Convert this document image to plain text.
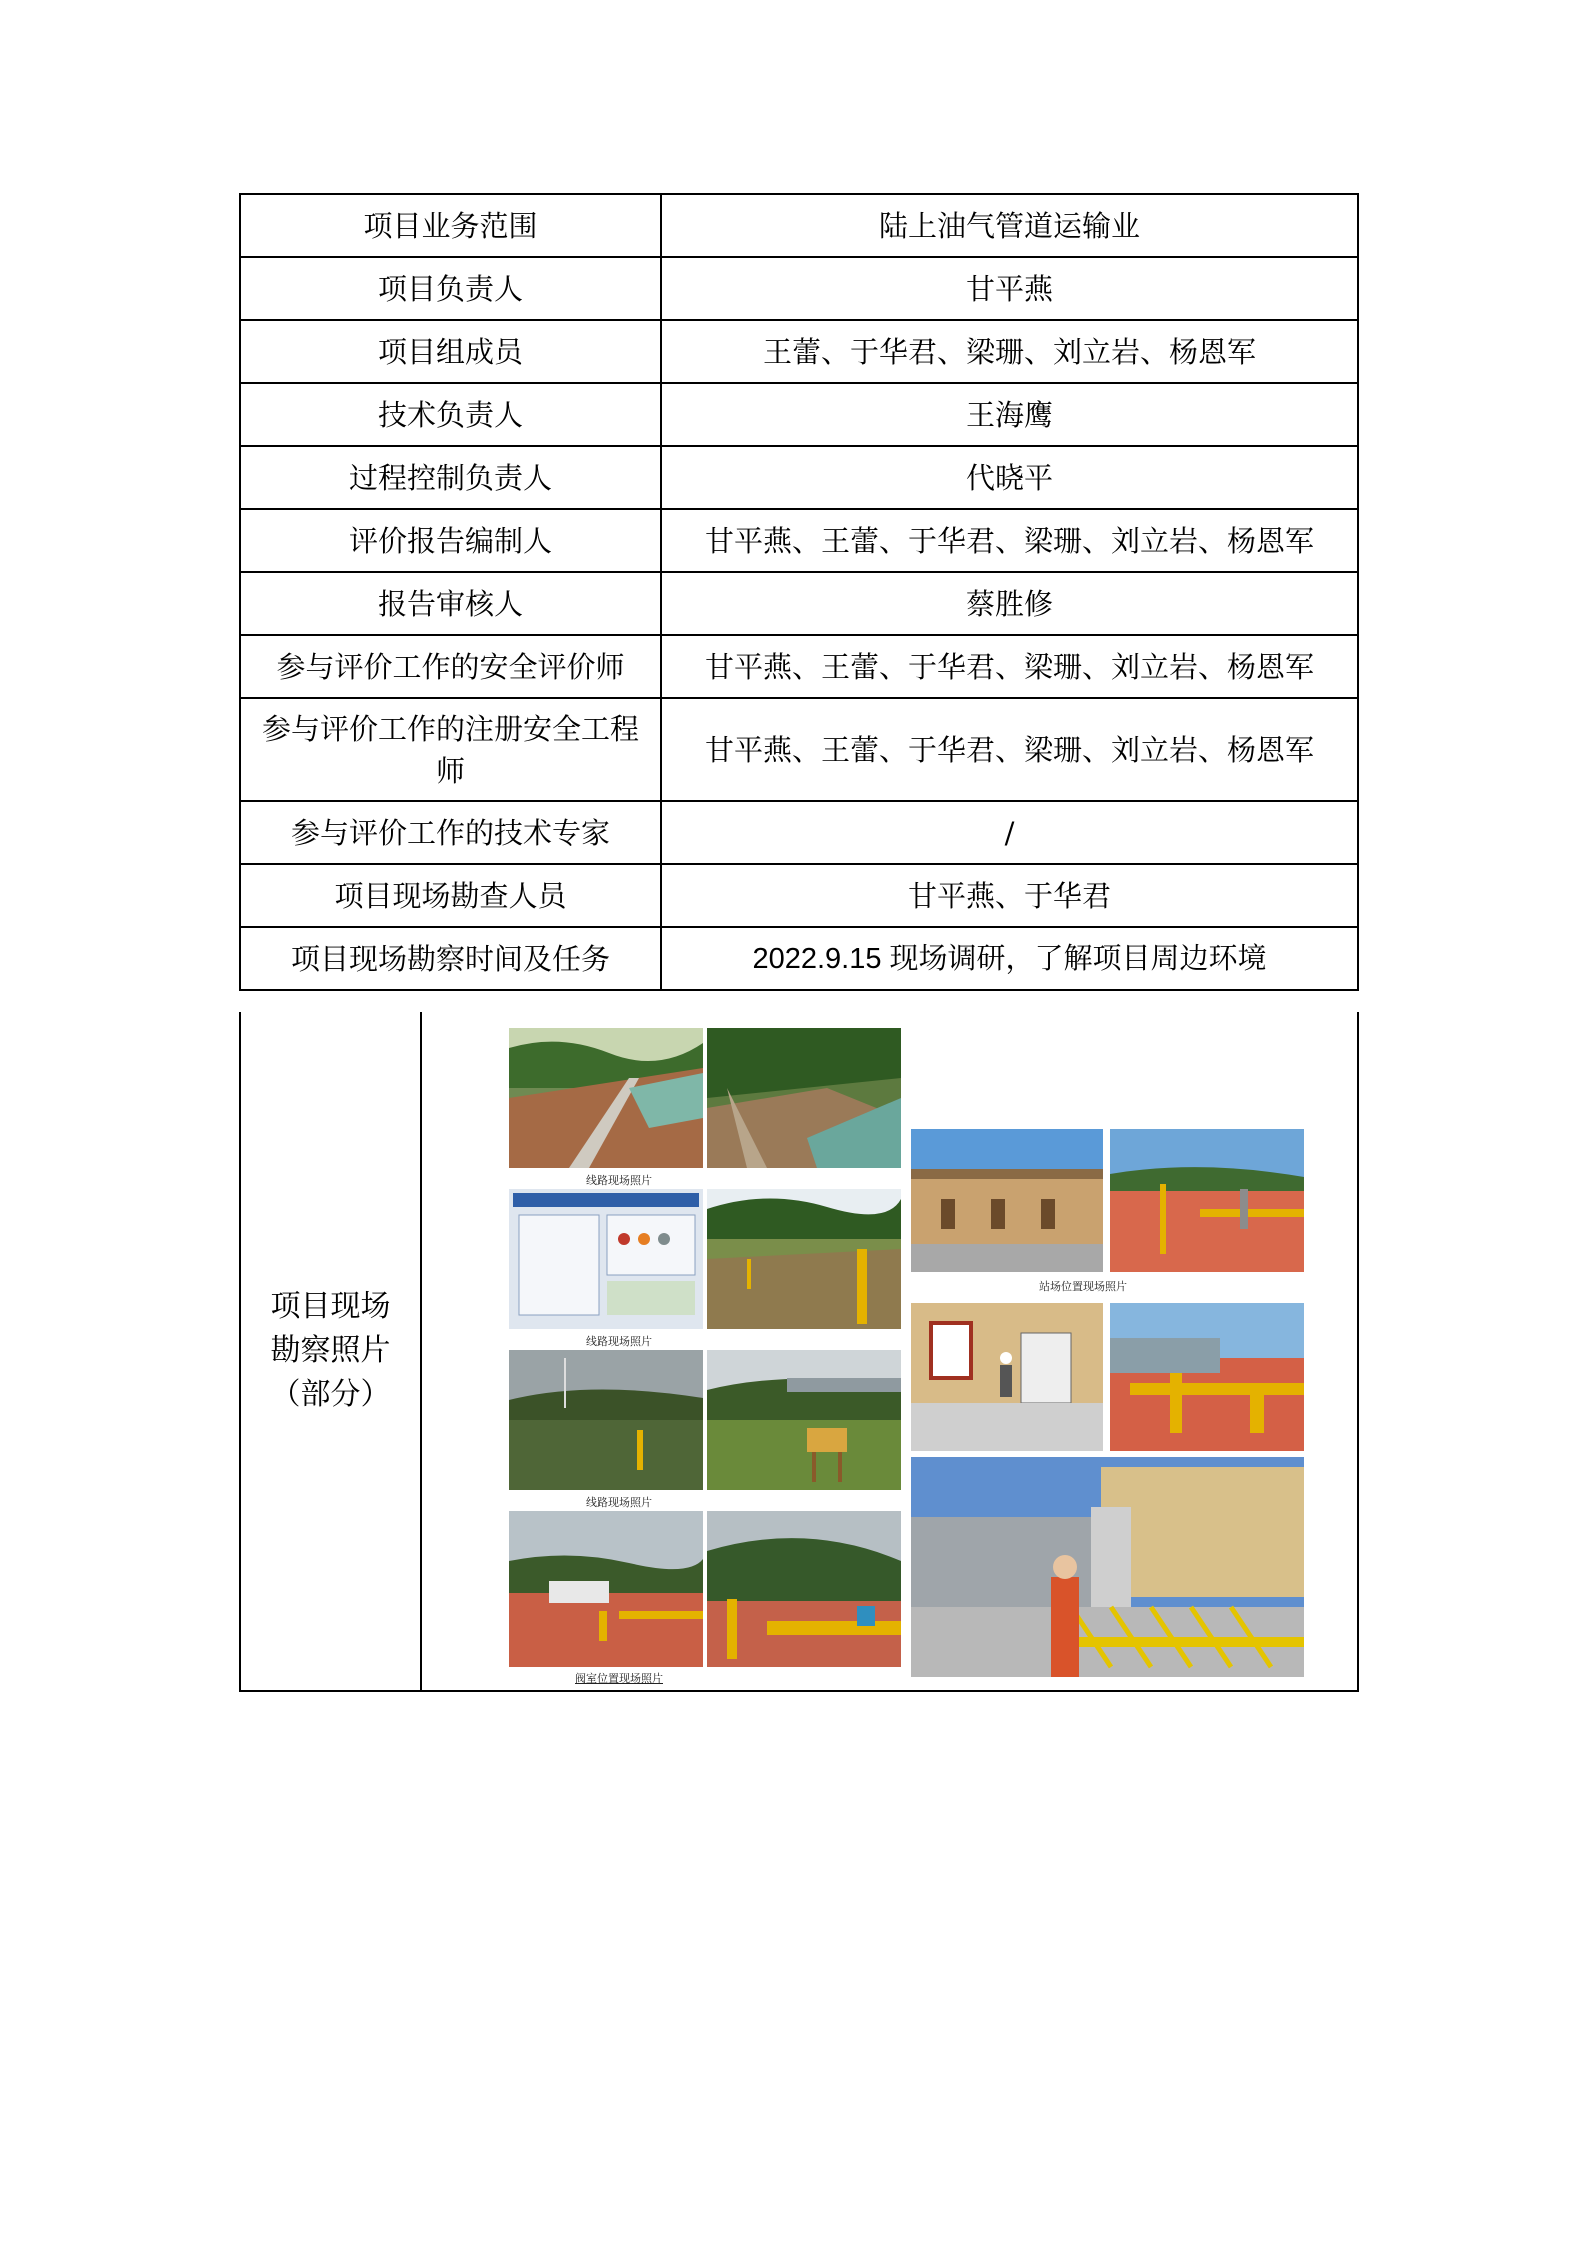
项目业务范围	陆上油气管道运输业
项目负责人	甘平燕
项目组成员	王蕾、于华君、梁珊、刘立岩、杨恩军
技术负责人	王海鹰
过程控制负责人	代晓平
评价报告编制人	甘平燕、王蕾、于华君、梁珊、刘立岩、杨恩军
报告审核人	蔡胜修
参与评价工作的安全评价师	甘平燕、王蕾、于华君、梁珊、刘立岩、杨恩军
参与评价工作的注册安全工程师	甘平燕、王蕾、于华君、梁珊、刘立岩、杨恩军
参与评价工作的技术专家	/
项目现场勘查人员	甘平燕、于华君
项目现场勘察时间及任务	2022.9.15 现场调研，了解项目周边环境
项目现场勘察照片（部分）
线路现场照片
线路现场照片
线路现场照片
阀室位置现场照片
站场位置现场照片
